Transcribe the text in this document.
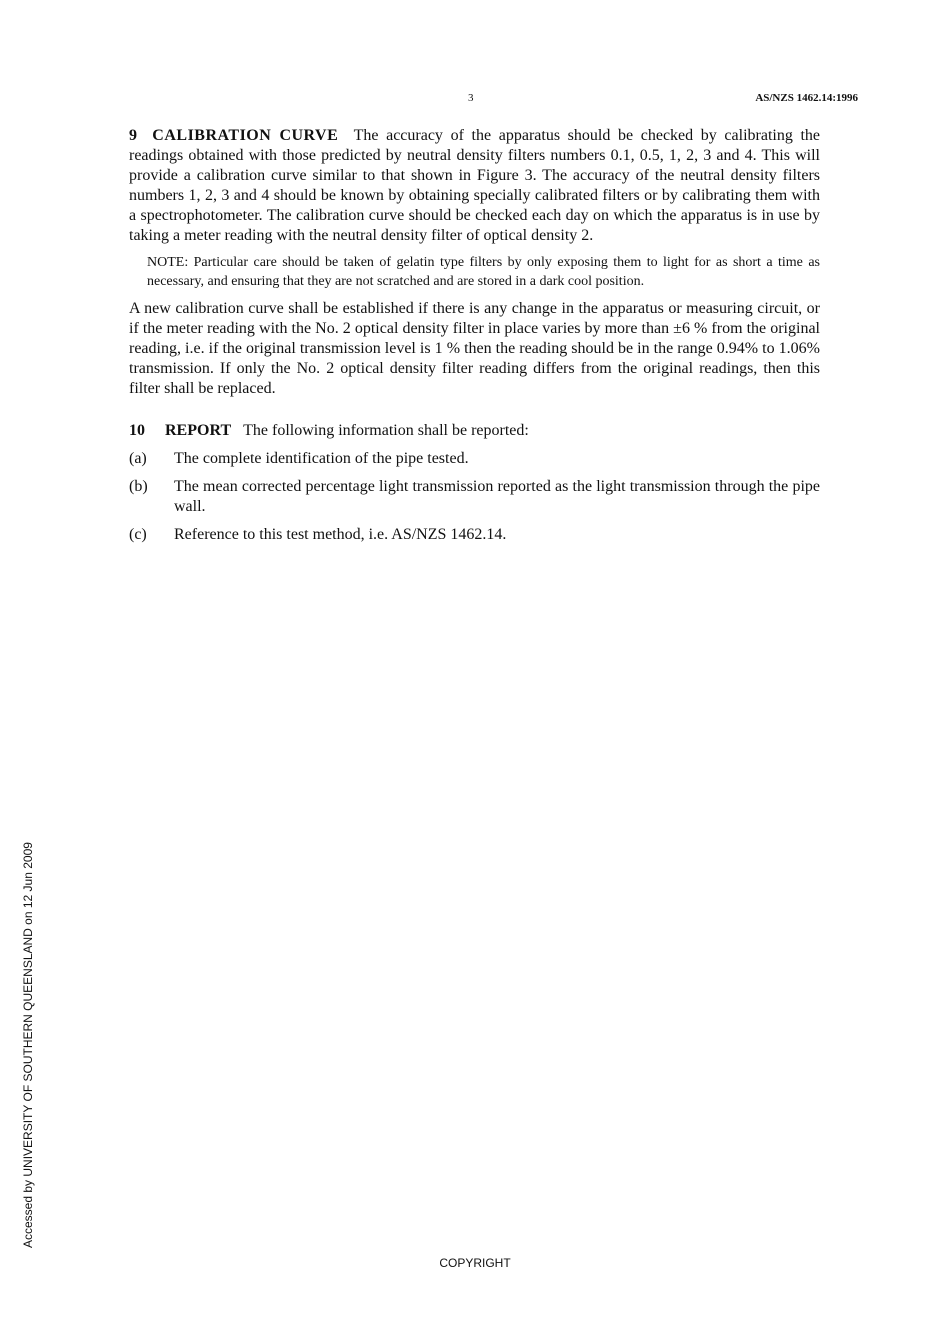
3	AS/NZS 1462.14:1996

9 CALIBRATION CURVE The accuracy of the apparatus should be checked by calibrating the readings obtained with those predicted by neutral density filters numbers 0.1, 0.5, 1, 2, 3 and 4. This will provide a calibration curve similar to that shown in Figure 3. The accuracy of the neutral density filters numbers 1, 2, 3 and 4 should be known by obtaining specially calibrated filters or by calibrating them with a spectrophotometer. The calibration curve should be checked each day on which the apparatus is in use by taking a meter reading with the neutral density filter of optical density 2.

NOTE: Particular care should be taken of gelatin type filters by only exposing them to light for as short a time as necessary, and ensuring that they are not scratched and are stored in a dark cool position.

A new calibration curve shall be established if there is any change in the apparatus or measuring circuit, or if the meter reading with the No. 2 optical density filter in place varies by more than ±6 % from the original reading, i.e. if the original transmission level is 1 % then the reading should be in the range 0.94% to 1.06% transmission. If only the No. 2 optical density filter reading differs from the original readings, then this filter shall be replaced.

10 REPORT The following information shall be reported:

(a)	The complete identification of the pipe tested.
(b)	The mean corrected percentage light transmission reported as the light transmission through the pipe wall.
(c)	Reference to this test method, i.e. AS/NZS 1462.14.
Accessed by UNIVERSITY OF SOUTHERN QUEENSLAND on 12 Jun 2009
COPYRIGHT
